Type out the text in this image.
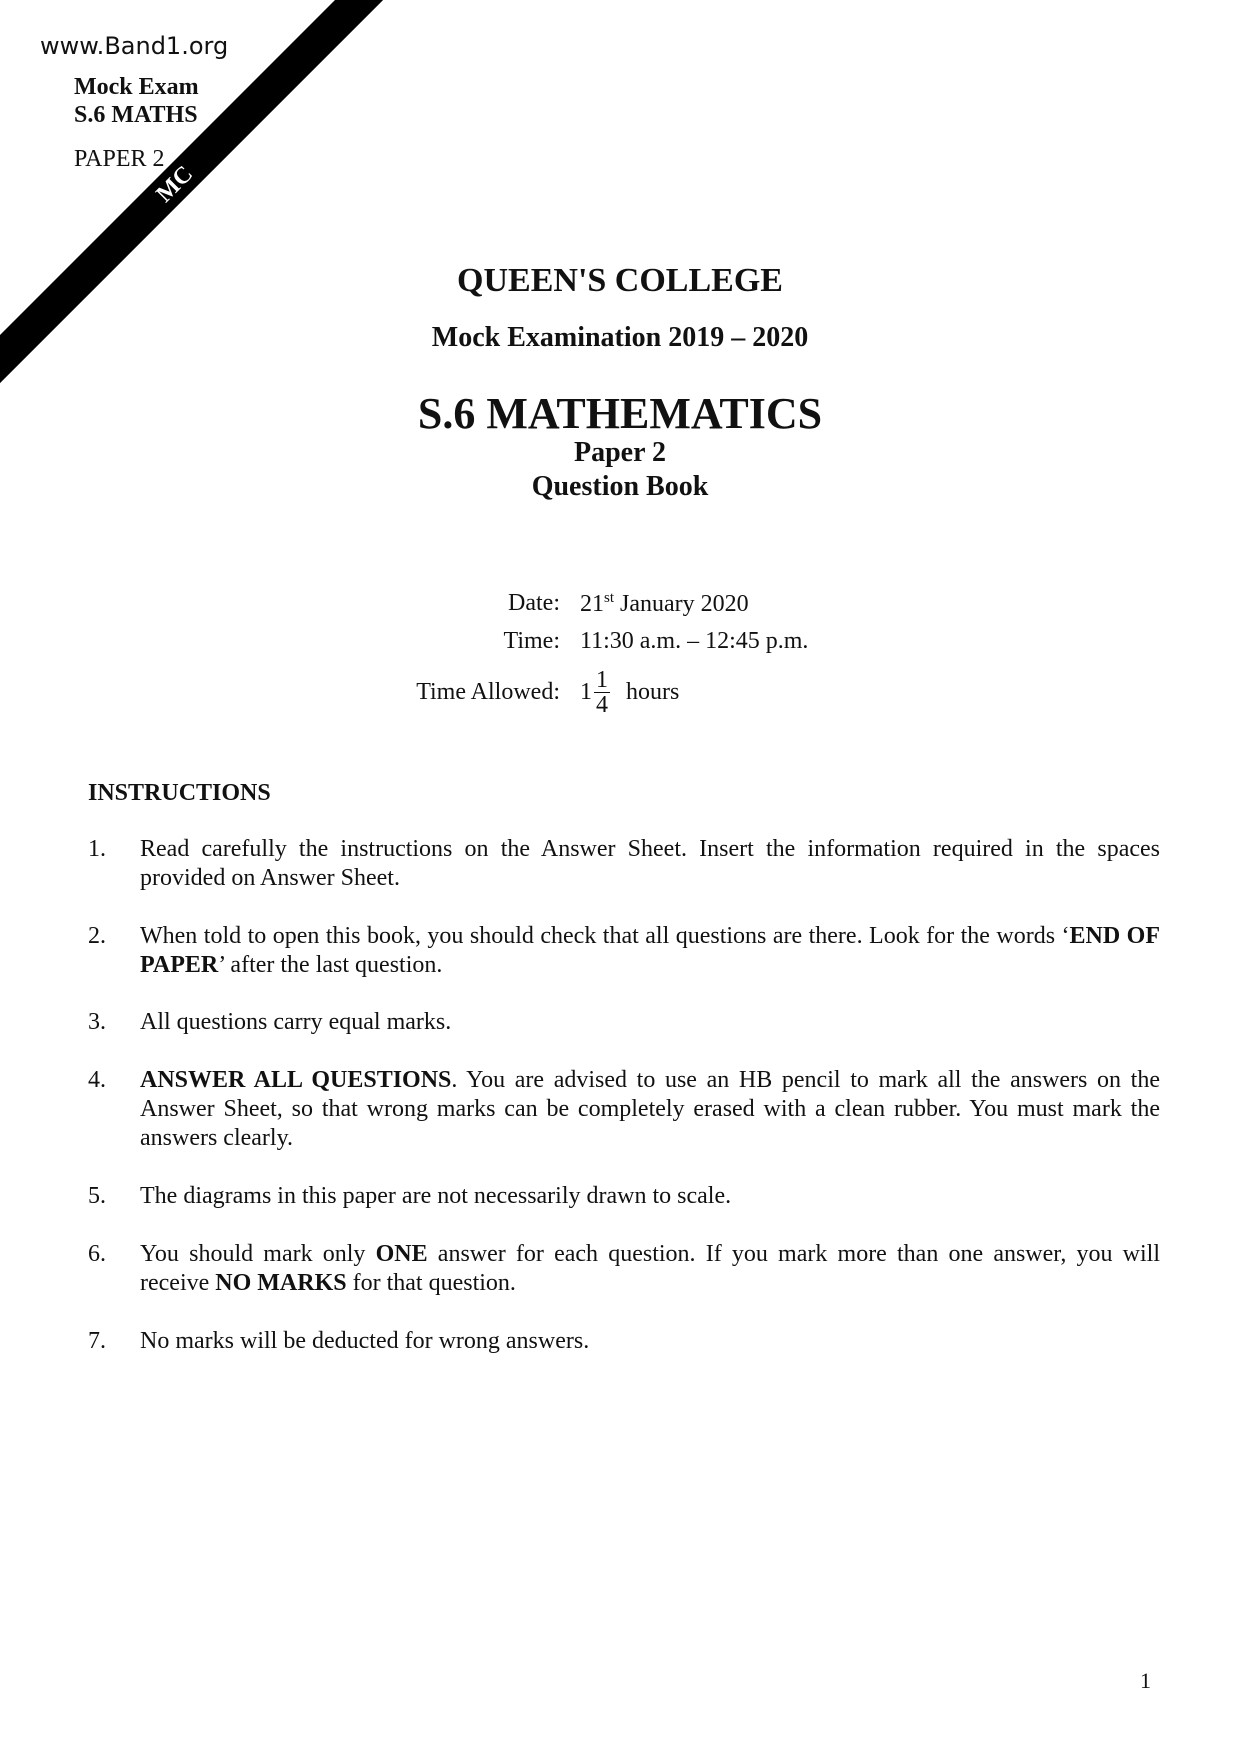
MC
www.Band1.org
Mock Exam
S.6 MATHS
PAPER 2
QUEEN'S COLLEGE
Mock Examination 2019 – 2020
S.6 MATHEMATICS
Paper 2
Question Book
Date: 21st January 2020
Time: 11:30 a.m. – 12:45 p.m.
Time Allowed: $1 \frac{1}{4}$ hours
INSTRUCTIONS
1. Read carefully the instructions on the Answer Sheet. Insert the information required in the spaces provided on Answer Sheet.
2. When told to open this book, you should check that all questions are there. Look for the words ‘END OF PAPER’ after the last question.
3. All questions carry equal marks.
4. ANSWER ALL QUESTIONS. You are advised to use an HB pencil to mark all the answers on the Answer Sheet, so that wrong marks can be completely erased with a clean rubber. You must mark the answers clearly.
5. The diagrams in this paper are not necessarily drawn to scale.
6. You should mark only ONE answer for each question. If you mark more than one answer, you will receive NO MARKS for that question.
7. No marks will be deducted for wrong answers.
1
